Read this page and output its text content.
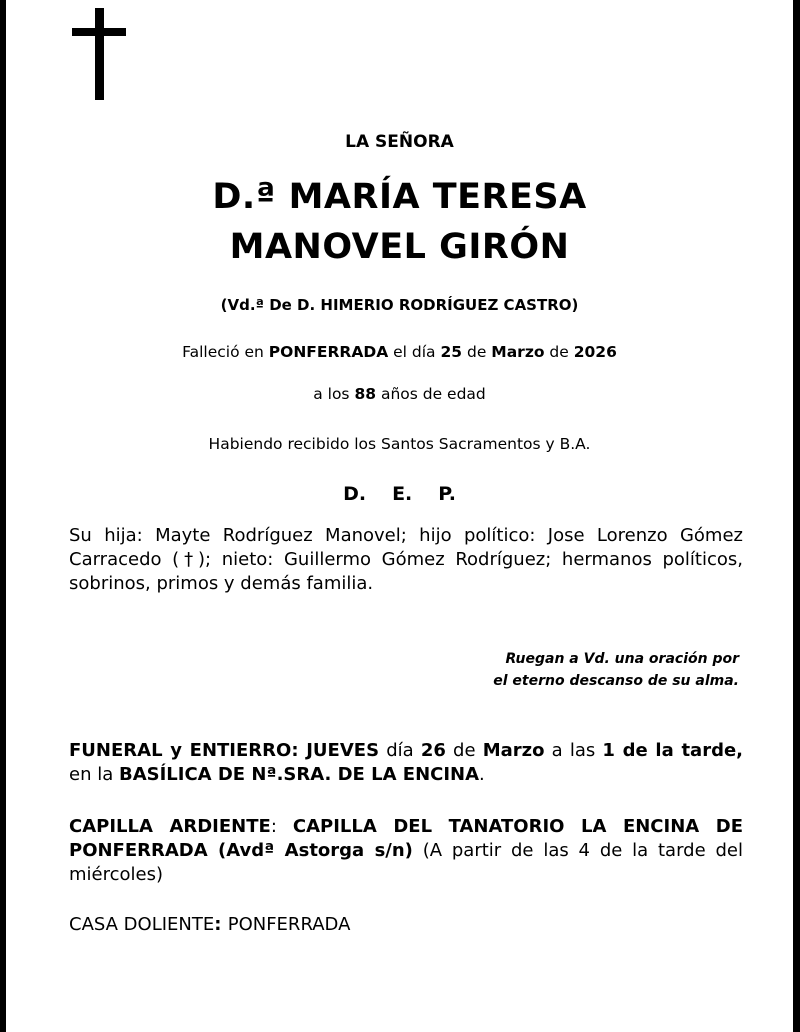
LA SEÑORA
D.ª MARÍA TERESA
MANOVEL GIRÓN
(Vd.ª De D. HIMERIO RODRÍGUEZ CASTRO)
Falleció en PONFERRADA el día 25 de Marzo de 2026
a los 88 años de edad
Habiendo recibido los Santos Sacramentos y B.A.
D. E. P.
Su hija: Mayte Rodríguez Manovel; hijo político: Jose Lorenzo Gómez Carracedo (†); nieto: Guillermo Gómez Rodríguez; hermanos políticos, sobrinos, primos y demás familia.
Ruegan a Vd. una oración por
el eterno descanso de su alma.
FUNERAL y ENTIERRO: JUEVES día 26 de Marzo a las 1 de la tarde, en la BASÍLICA DE Nª.SRA. DE LA ENCINA.
CAPILLA ARDIENTE: CAPILLA DEL TANATORIO LA ENCINA DE PONFERRADA (Avdª Astorga s/n) (A partir de las 4 de la tarde del miércoles)
CASA DOLIENTE: PONFERRADA
